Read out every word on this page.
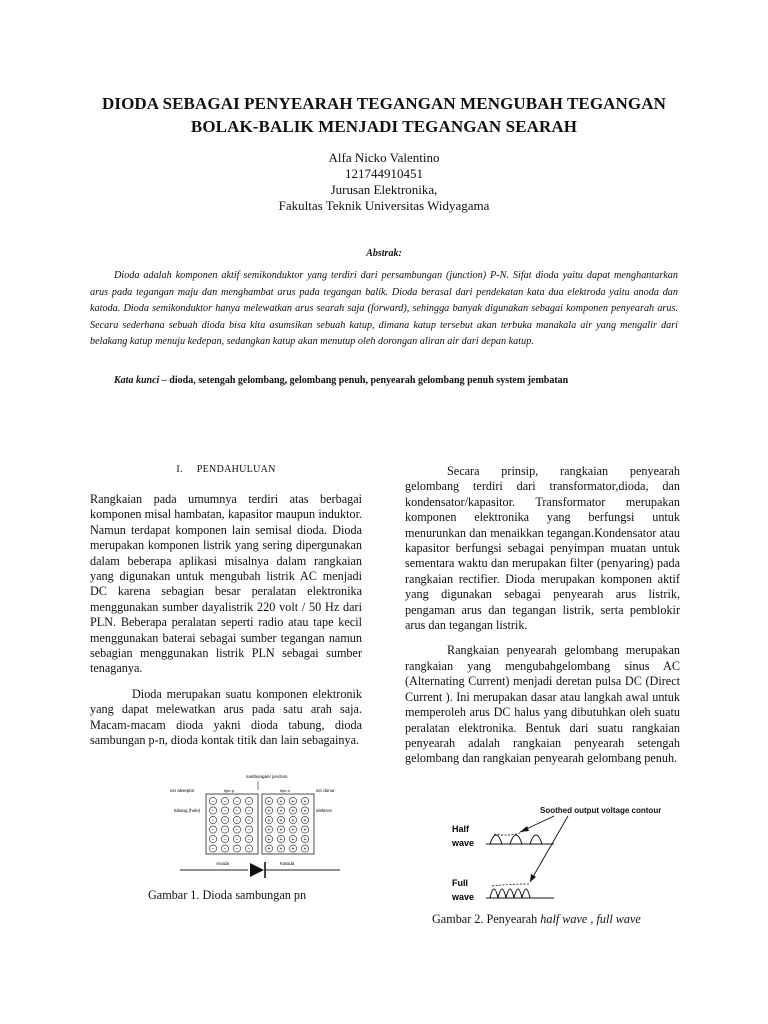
DIODA SEBAGAI PENYEARAH TEGANGAN MENGUBAH TEGANGAN
BOLAK-BALIK MENJADI TEGANGAN SEARAH
Alfa Nicko Valentino
121744910451
Jurusan Elektronika,
Fakultas Teknik Universitas Widyagama
Abstrak:
Dioda adalah komponen aktif semikonduktor yang terdiri dari persambungan (junction) P-N. Sifat dioda yaitu dapat menghantarkan arus pada tegangan maju dan menghambat arus pada tegangan balik. Dioda berasal dari pendekatan kata dua elektroda yaitu anoda dan katoda. Dioda semikonduktor hanya melewatkan arus searah saja (forward), sehingga banyak digunakan sebagai komponen penyearah arus. Secara sederhana sebuah dioda bisa kita asumsikan sebuah katup, dimana katup tersebut akan terbuka manakala air yang mengalir dari belakang katup menuju kedepan, sedangkan katup akan menutup oleh dorongan aliran air dari depan katup.
Kata kunci – dioda, setengah gelombang, gelombang penuh, penyearah gelombang penuh system jembatan
I. PENDAHULUAN

Rangkaian pada umumnya terdiri atas berbagai komponen misal hambatan, kapasitor maupun induktor. Namun terdapat komponen lain semisal dioda. Dioda merupakan komponen listrik yang sering dipergunakan dalam beberapa aplikasi misalnya dalam rangkaian yang digunakan untuk mengubah listrik AC menjadi DC karena sebagian besar peralatan elektronika menggunakan sumber dayalistrik 220 volt / 50 Hz dari PLN. Beberapa peralatan seperti radio atau tape kecil menggunakan baterai sebagai sumber tegangan namun sebagian menggunakan listrik PLN sebagai sumber tenaganya.

Dioda merupakan suatu komponen elektronik yang dapat melewatkan arus pada satu arah saja. Macam-macam dioda yakni dioda tabung, dioda sambungan p-n, dioda kontak titik dan lain sebagainya.

Secara prinsip, rangkaian penyearah gelombang terdiri dari transformator,dioda, dan kondensator/kapasitor. Transformator merupakan komponen elektronika yang berfungsi untuk menurunkan dan menaikkan tegangan.Kondensator atau kapasitor berfungsi sebagai penyimpan muatan untuk sementara waktu dan merupakan filter (penyaring) pada rangkaian rectifier. Dioda merupakan komponen aktif yang digunakan sebagai penyearah arus listrik, pengaman arus dan tegangan listrik, serta pemblokir arus dan tegangan listrik.

Rangkaian penyearah gelombang merupakan rangkaian yang mengubahgelombang sinus AC (Alternating Current) menjadi deretan pulsa DC (Direct Current ). Ini merupakan dasar atau langkah awal untuk memperoleh arus DC halus yang dibutuhkan oleh suatu peralatan elektronika. Bentuk dari suatu rangkaian penyearah adalah rangkaian penyearah setengah gelombang dan rangkaian penyearah gelombang penuh.

sambungan/ junction
ion akseptor	ion donor
lubang (hole)	elektron
tipe-p	tipe-n
− − − −
− − − −
− − − −
− − − −
− − − −
− − − −
+ + + +
+ + + +
+ + + +
+ + + +
+ + + +
+ + + +
Anoda	Katoda
Gambar 1. Dioda sambungan pn
Soothed output voltage contour
Half wave
Full wave
Gambar 2. Penyearah half wave , full wave
